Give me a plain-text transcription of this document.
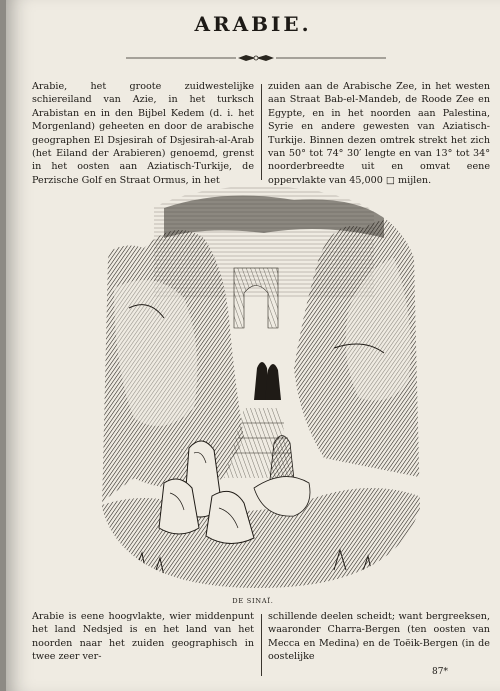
ARABIE.

Arabie, het groote zuidwestelijke schiereiland van Azie, in het turksch Arabistan en in den Bijbel Kedem (d. i. het Morgenland) geheeten en door de arabische geographen El Dsjesirah of Dsjesirah-al-Arab (het Eiland der Arabieren) genoemd, grenst in het oosten aan Aziatisch-Turkije, de Perzische Golf en Straat Ormus, in het

zuiden aan de Arabische Zee, in het westen aan Straat Bab-el-Mandeb, de Roode Zee en Egypte, en in het noorden aan Palestina, Syrie en andere gewesten van Aziatisch-Turkije. Binnen dezen omtrek strekt het zich van 50° tot 74° 30′ lengte en van 13° tot 34° noorderbreedte uit en omvat eene oppervlakte van 45,000 □ mijlen.

DE SINAÏ.

Arabie is eene hoogvlakte, wier middenpunt het land Nedsjed is en het land van het noorden naar het zuiden geographisch in twee zeer ver-

schillende deelen scheidt; want bergreeksen, waaronder Charra-Bergen (ten oosten van Mecca en Medina) en de Toëik-Bergen (in de oostelijke

87*
